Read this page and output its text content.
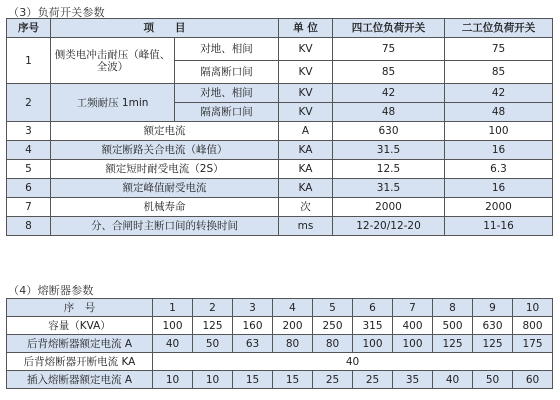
（3）负荷开关参数
序号	项　　目		单 位	四工位负荷开关	二工位负荷开关
1	侧类电冲击耐压（峰值、全波）	对地、相间	KV	75	75
		隔离断口间	KV	85	85
2	工频耐压 1min	对地、相间	KV	42	42
		隔离断口间	KV	48	48
3	额定电流		A	630	100
4	额定断路关合电流（峰值）		KA	31.5	16
5	额定短时耐受电流（2S）		KA	12.5	6.3
6	额定峰值耐受电流		KA	31.5	16
7	机械寿命		次	2000	2000
8	分、合闸时主断口间的转换时间		ms	12-20/12-20	11-16
（4）熔断器参数
序　号	1	2	3	4	5	6	7	8	9	10
容量（KVA）	100	125	160	200	250	315	400	500	630	800
后背熔断器额定电流 A	40	50	63	80	80	100	100	125	125	175
后背熔断器开断电流 KA	40									
插入熔断器额定电流 A	10	10	15	15	25	25	35	40	50	60
